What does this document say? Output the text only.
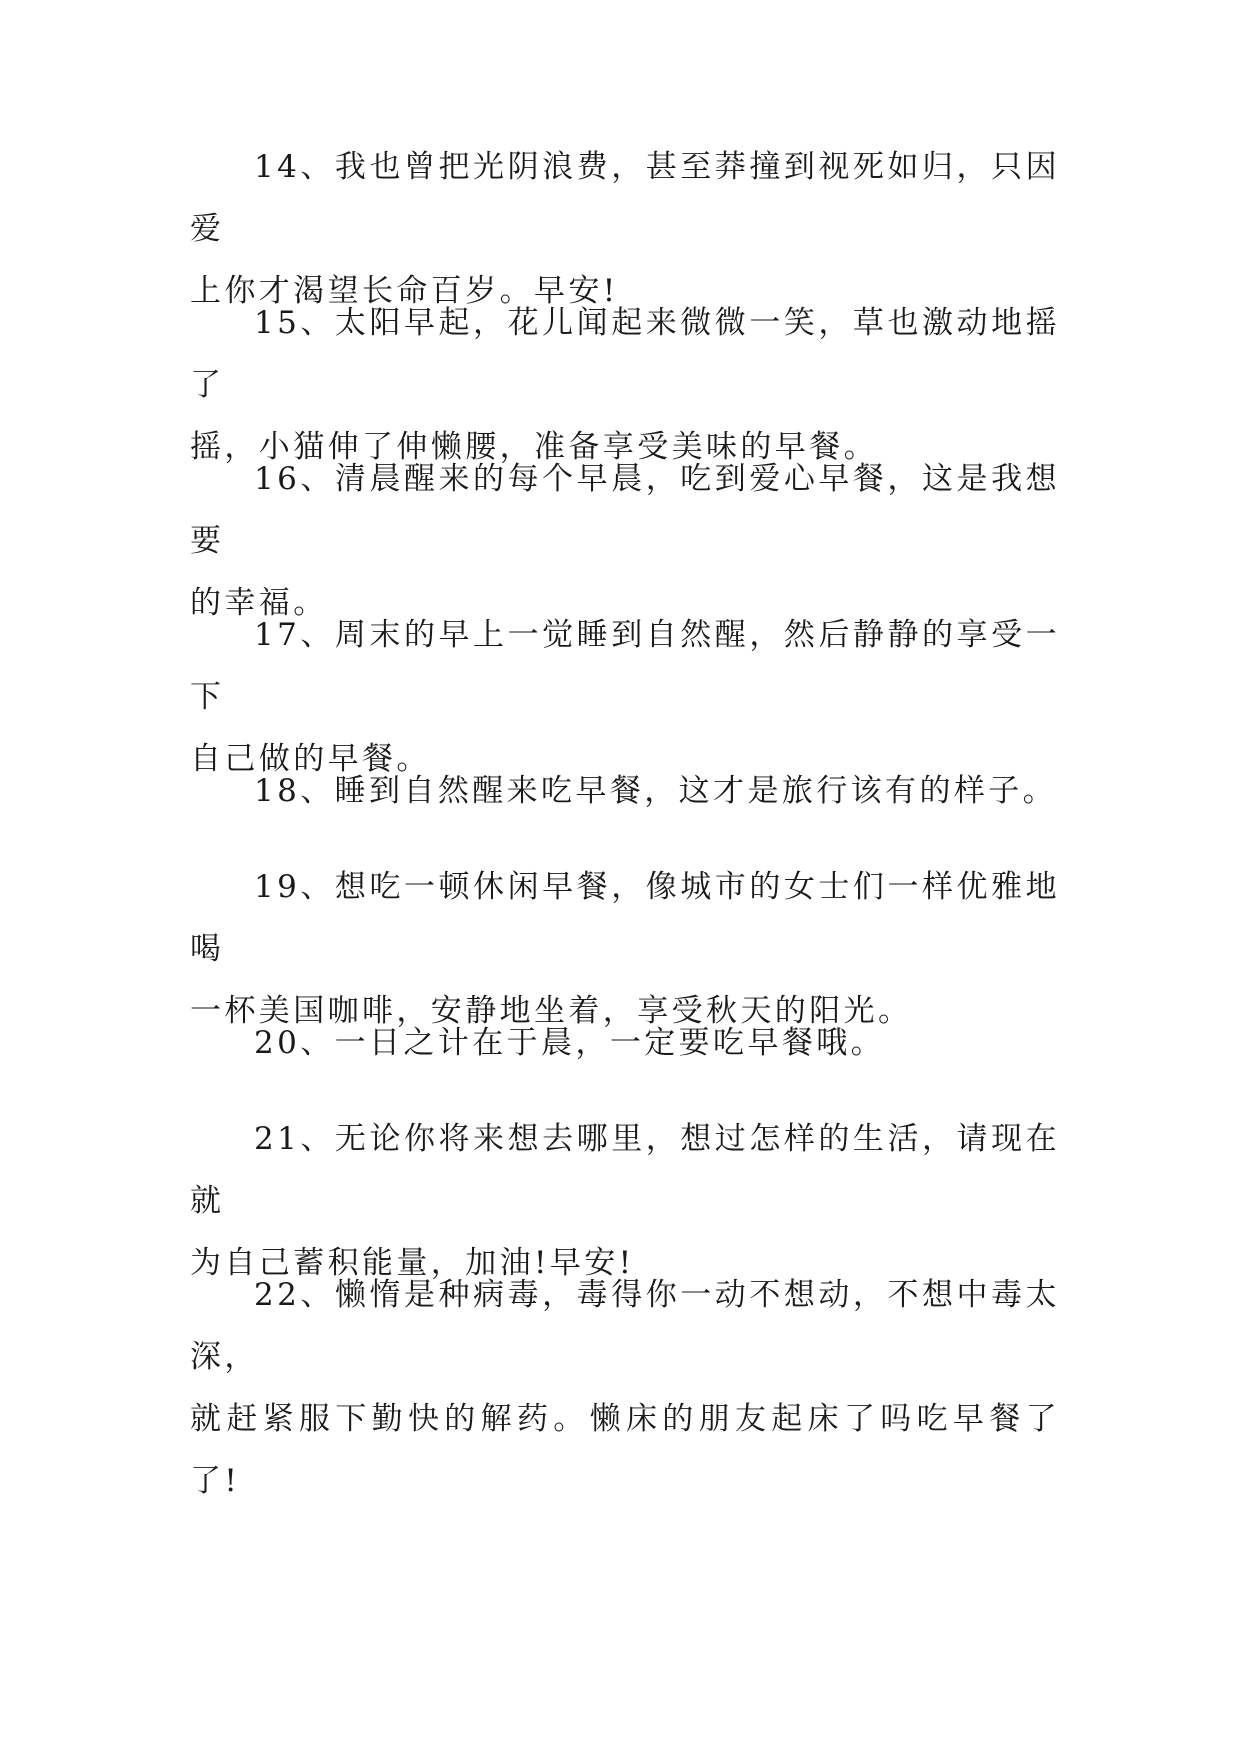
14、我也曾把光阴浪费，甚至莽撞到视死如归，只因爱
上你才渴望长命百岁。早安!

15、太阳早起，花儿闻起来微微一笑，草也激动地摇了
摇，小猫伸了伸懒腰，准备享受美味的早餐。

16、清晨醒来的每个早晨，吃到爱心早餐，这是我想要
的幸福。

17、周末的早上一觉睡到自然醒，然后静静的享受一下
自己做的早餐。

18、睡到自然醒来吃早餐，这才是旅行该有的样子。

19、想吃一顿休闲早餐，像城市的女士们一样优雅地喝
一杯美国咖啡，安静地坐着，享受秋天的阳光。

20、一日之计在于晨，一定要吃早餐哦。

21、无论你将来想去哪里，想过怎样的生活，请现在就
为自己蓄积能量，加油!早安!

22、懒惰是种病毒，毒得你一动不想动，不想中毒太深，
就赶紧服下勤快的解药。懒床的朋友起床了吗吃早餐了了!
